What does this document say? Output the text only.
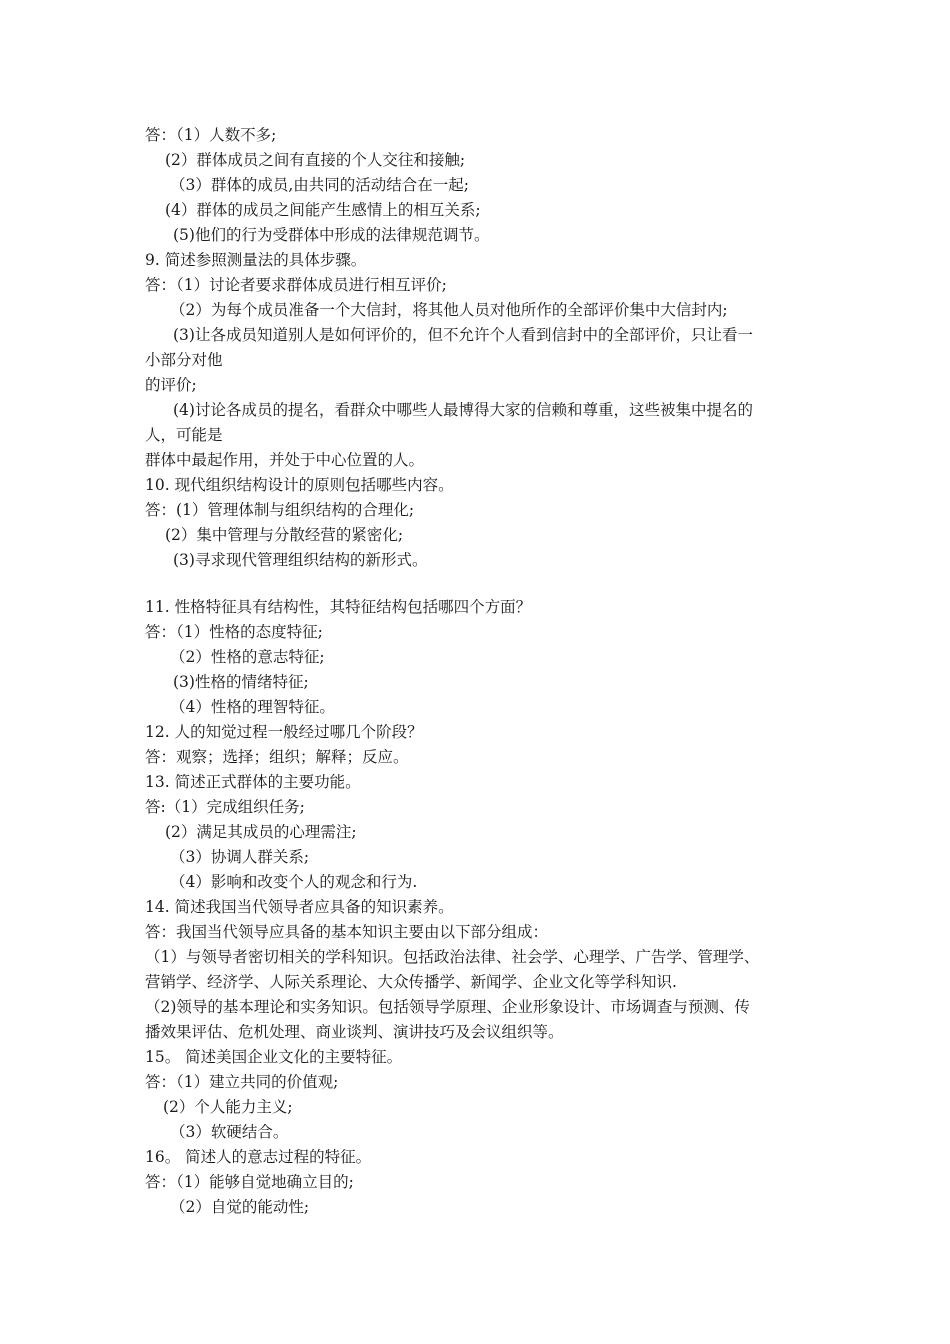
答：（1）人数不多;
(2）群体成员之间有直接的个人交往和接触;
（3）群体的成员,由共同的活动结合在一起;
(4）群体的成员之间能产生感情上的相互关系;
(5)他们的行为受群体中形成的法律规范调节。
9. 简述参照测量法的具体步骤。
答：（1）讨论者要求群体成员进行相互评价;
（2）为每个成员准备一个大信封，将其他人员对他所作的全部评价集中大信封内;
(3)让各成员知道别人是如何评价的，但不允许个人看到信封中的全部评价，只让看一
小部分对他
的评价;
(4)讨论各成员的提名，看群众中哪些人最博得大家的信赖和尊重，这些被集中提名的
人，可能是
群体中最起作用，并处于中心位置的人。
10. 现代组织结构设计的原则包括哪些内容。
答：(1）管理体制与组织结构的合理化;
(2）集中管理与分散经营的紧密化;
(3)寻求现代管理组织结构的新形式。
11. 性格特征具有结构性，其特征结构包括哪四个方面？
答：（1）性格的态度特征;
（2）性格的意志特征;
(3)性格的情绪特征;
（4）性格的理智特征。
12. 人的知觉过程一般经过哪几个阶段？
答：观察；选择；组织；解释；反应。
13. 简述正式群体的主要功能。
答:（1）完成组织任务;
(2）满足其成员的心理需注;
（3）协调人群关系;
（4）影响和改变个人的观念和行为.
14. 简述我国当代领导者应具备的知识素养。
答：我国当代领导应具备的基本知识主要由以下部分组成：
（1）与领导者密切相关的学科知识。包括政治法律、社会学、心理学、广告学、管理学、
营销学、经济学、人际关系理论、大众传播学、新闻学、企业文化等学科知识.
（2)领导的基本理论和实务知识。包括领导学原理、企业形象设计、市场调查与预测、传
播效果评估、危机处理、商业谈判、演讲技巧及会议组织等。
15。 简述美国企业文化的主要特征。
答：（1）建立共同的价值观;
(2）个人能力主义;
（3）软硬结合。
16。 简述人的意志过程的特征。
答：（1）能够自觉地确立目的;
（2）自觉的能动性;
